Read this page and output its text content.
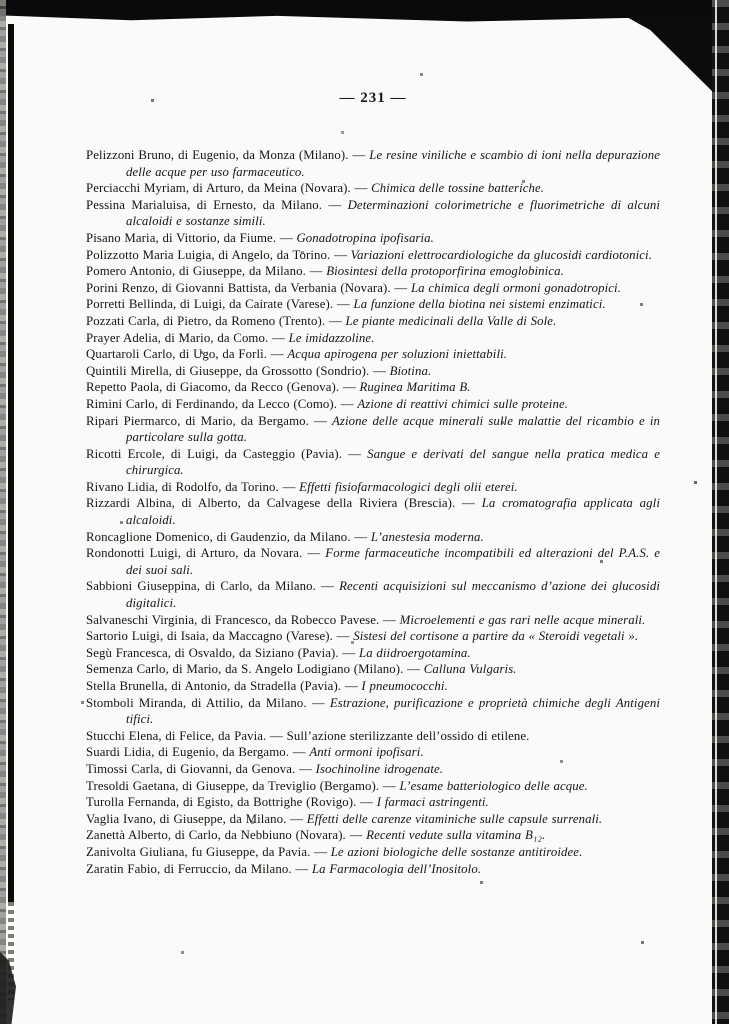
— 231 —

Pelizzoni Bruno, di Eugenio, da Monza (Milano). — Le resine viniliche e scambio di ioni nella depurazione delle acque per uso farmaceutico.

Perciacchi Myriam, di Arturo, da Meina (Novara). — Chimica delle tossine batteriche.

Pessina Marialuisa, di Ernesto, da Milano. — Determinazioni colorimetriche e fluorimetriche di alcuni alcaloidi e sostanze simili.

Pisano Maria, di Vittorio, da Fiume. — Gonadotropina ipofisaria.

Polizzotto Maria Luigia, di Angelo, da Torino. — Variazioni elettrocardiologiche da glucosidi cardiotonici.

Pomero Antonio, di Giuseppe, da Milano. — Biosintesi della protoporfirina emoglobinica.

Porini Renzo, di Giovanni Battista, da Verbania (Novara). — La chimica degli ormoni gonadotropici.

Porretti Bellinda, di Luigi, da Cairate (Varese). — La funzione della biotina nei sistemi enzimatici.

Pozzati Carla, di Pietro, da Romeno (Trento). — Le piante medicinali della Valle di Sole.

Prayer Adelia, di Mario, da Como. — Le imidazzoline.

Quartaroli Carlo, di Ugo, da Forlì. — Acqua apirogena per soluzioni iniettabili.

Quintili Mirella, di Giuseppe, da Grossotto (Sondrio). — Biotina.

Repetto Paola, di Giacomo, da Recco (Genova). — Ruginea Maritima B.

Rimini Carlo, di Ferdinando, da Lecco (Como). — Azione di reattivi chimici sulle proteine.

Ripari Piermarco, di Mario, da Bergamo. — Azione delle acque minerali sulle malattie del ricambio e in particolare sulla gotta.

Ricotti Ercole, di Luigi, da Casteggio (Pavia). — Sangue e derivati del sangue nella pratica medica e chirurgica.

Rivano Lidia, di Rodolfo, da Torino. — Effetti fisiofarmacologici degli olii eterei.

Rizzardi Albina, di Alberto, da Calvagese della Riviera (Brescia). — La cromatografia applicata agli alcaloidi.

Roncaglione Domenico, di Gaudenzio, da Milano. — L’anestesia moderna.

Rondonotti Luigi, di Arturo, da Novara. — Forme farmaceutiche incompatibili ed alterazioni del P.A.S. e dei suoi sali.

Sabbioni Giuseppina, di Carlo, da Milano. — Recenti acquisizioni sul meccanismo d’azione dei glucosidi digitalici.

Salvaneschi Virginia, di Francesco, da Robecco Pavese. — Microelementi e gas rari nelle acque minerali.

Sartorio Luigi, di Isaia, da Maccagno (Varese). — Sistesi del cortisone a partire da « Steroidi vegetali ».

Segù Francesca, di Osvaldo, da Siziano (Pavia). — La diidroergotamina.

Semenza Carlo, di Mario, da S. Angelo Lodigiano (Milano). — Calluna Vulgaris.

Stella Brunella, di Antonio, da Stradella (Pavia). — I pneumococchi.

Stomboli Miranda, di Attilio, da Milano. — Estrazione, purificazione e proprietà chimiche degli Antigeni tifici.

Stucchi Elena, di Felice, da Pavia. — Sull’azione sterilizzante dell’ossido di etilene.

Suardi Lidia, di Eugenio, da Bergamo. — Anti ormoni ipofisari.

Timossi Carla, di Giovanni, da Genova. — Isochinoline idrogenate.

Tresoldi Gaetana, di Giuseppe, da Treviglio (Bergamo). — L’esame batteriologico delle acque.

Turolla Fernanda, di Egisto, da Bottrighe (Rovigo). — I farmaci astringenti.

Vaglia Ivano, di Giuseppe, da Milano. — Effetti delle carenze vitaminiche sulle capsule surrenali.

Zanettà Alberto, di Carlo, da Nebbiuno (Novara). — Recenti vedute sulla vitamina B₁₂.

Zanivolta Giuliana, fu Giuseppe, da Pavia. — Le azioni biologiche delle sostanze antitiroidee.

Zaratin Fabio, di Ferruccio, da Milano. — La Farmacologia dell’Inositolo.
